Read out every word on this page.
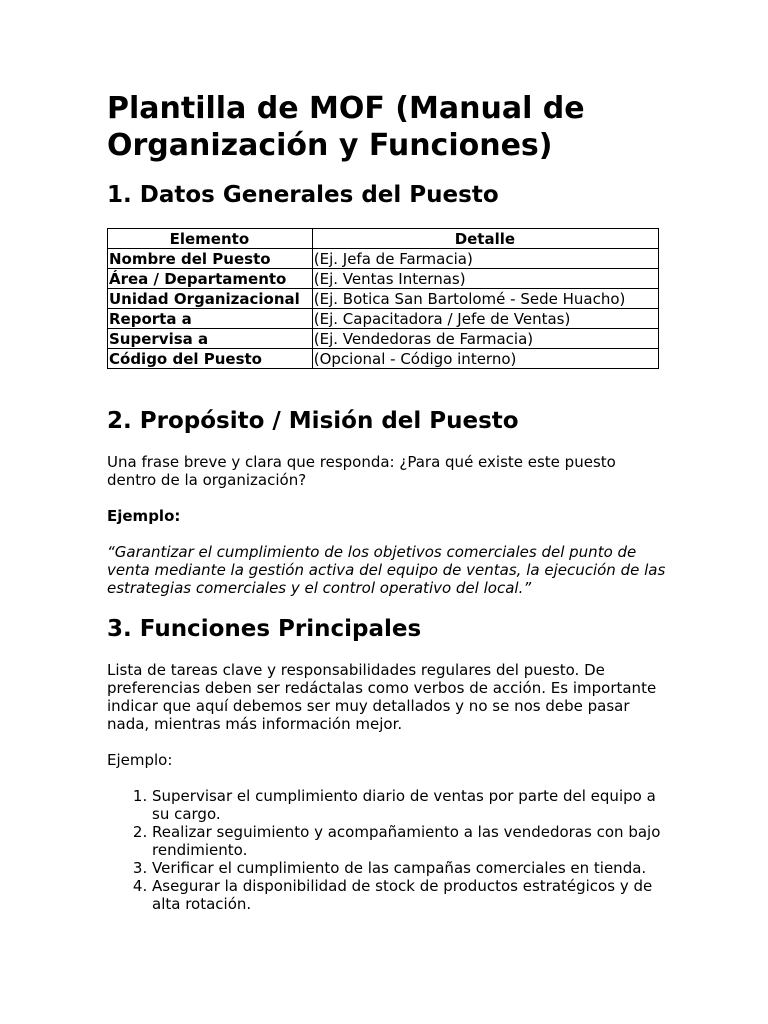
Plantilla de MOF (Manual de Organización y Funciones)
1. Datos Generales del Puesto
Elemento	Detalle
Nombre del Puesto	(Ej. Jefa de Farmacia)
Área / Departamento	(Ej. Ventas Internas)
Unidad Organizacional	(Ej. Botica San Bartolomé - Sede Huacho)
Reporta a	(Ej. Capacitadora / Jefe de Ventas)
Supervisa a	(Ej. Vendedoras de Farmacia)
Código del Puesto	(Opcional - Código interno)
2. Propósito / Misión del Puesto

Una frase breve y clara que responda: ¿Para qué existe este puesto dentro de la organización?

Ejemplo:

“Garantizar el cumplimiento de los objetivos comerciales del punto de venta mediante la gestión activa del equipo de ventas, la ejecución de las estrategias comerciales y el control operativo del local.”

3. Funciones Principales

Lista de tareas clave y responsabilidades regulares del puesto. De preferencias deben ser redáctalas como verbos de acción. Es importante indicar que aquí debemos ser muy detallados y no se nos debe pasar nada, mientras más información mejor.

Ejemplo:

1. Supervisar el cumplimiento diario de ventas por parte del equipo a su cargo.
2. Realizar seguimiento y acompañamiento a las vendedoras con bajo rendimiento.
3. Verificar el cumplimiento de las campañas comerciales en tienda.
4. Asegurar la disponibilidad de stock de productos estratégicos y de alta rotación.
